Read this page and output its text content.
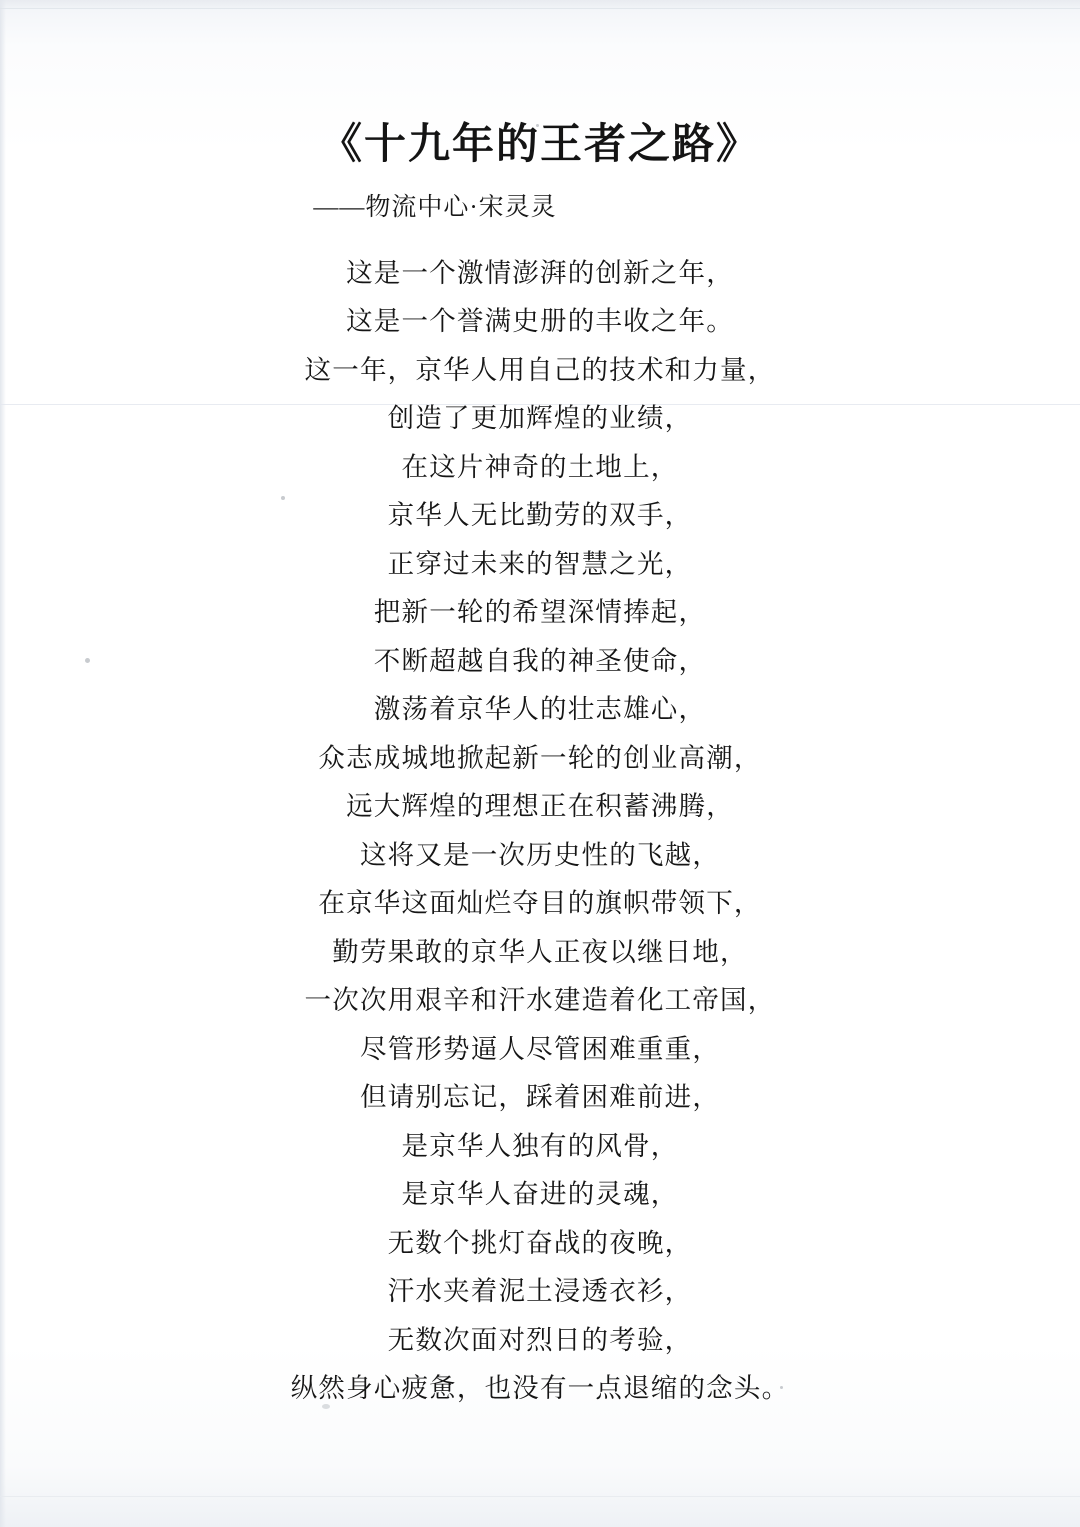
《十九年的王者之路》
——物流中心·宋灵灵
这是一个激情澎湃的创新之年，
这是一个誉满史册的丰收之年。
这一年，京华人用自己的技术和力量，
创造了更加辉煌的业绩，
在这片神奇的土地上，
京华人无比勤劳的双手，
正穿过未来的智慧之光，
把新一轮的希望深情捧起，
不断超越自我的神圣使命，
激荡着京华人的壮志雄心，
众志成城地掀起新一轮的创业高潮，
远大辉煌的理想正在积蓄沸腾，
这将又是一次历史性的飞越，
在京华这面灿烂夺目的旗帜带领下，
勤劳果敢的京华人正夜以继日地，
一次次用艰辛和汗水建造着化工帝国，
尽管形势逼人尽管困难重重，
但请别忘记，踩着困难前进，
是京华人独有的风骨，
是京华人奋进的灵魂，
无数个挑灯奋战的夜晚，
汗水夹着泥土浸透衣衫，
无数次面对烈日的考验，
纵然身心疲惫，也没有一点退缩的念头。
